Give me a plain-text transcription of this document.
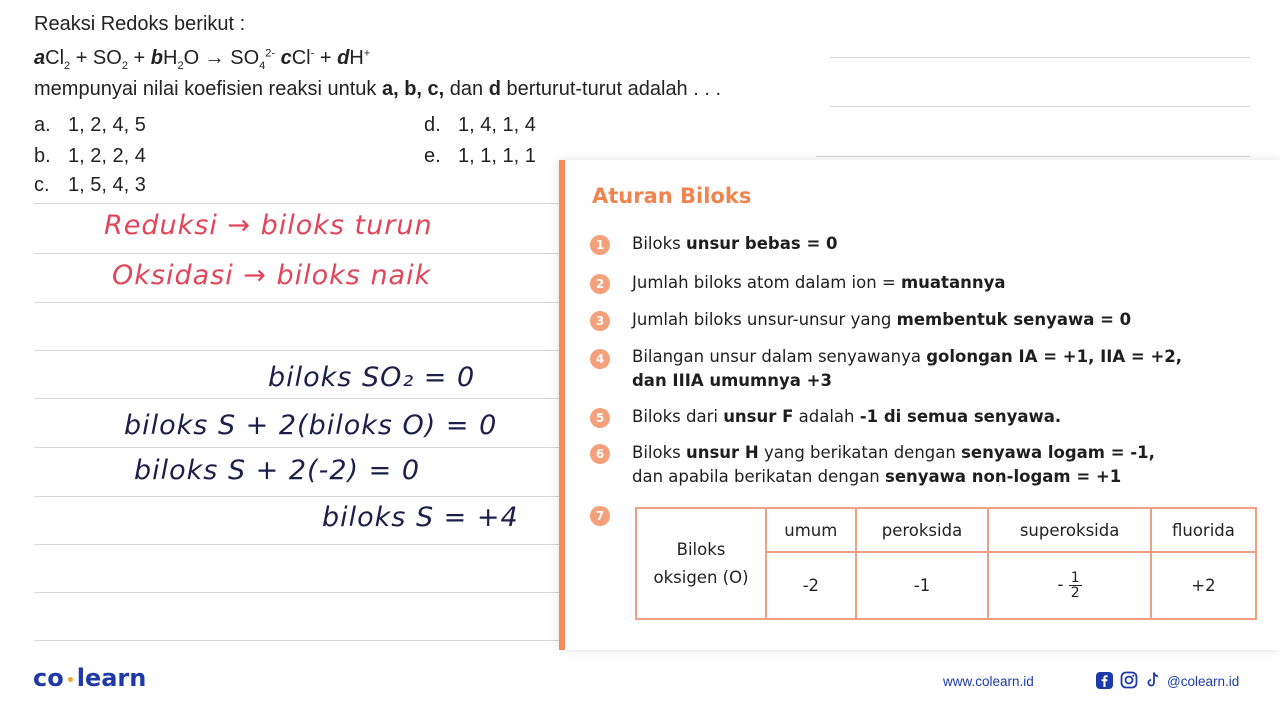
Reaksi Redoks berikut :
$aCl_2 + SO_2 + bH_2O \to SO_4^{2-}$ cCl- + dH+
mempunyai nilai koefisien reaksi untuk a, b, c, dan d berturut-turut adalah . . .
a. 1, 2, 4, 5
b. 1, 2, 2, 4
c. 1, 5, 4, 3
d. 1, 4, 1, 4
e. 1, 1, 1, 1
Reduksi → biloks turun
Oksidasi → biloks naik
biloks SO₂ = 0
biloks S + 2(biloks O) = 0
biloks S + 2(-2) = 0
biloks S = +4
Aturan Biloks
1	Biloks unsur bebas = 0
2	Jumlah biloks atom dalam ion = muatannya
3	Jumlah biloks unsur-unsur yang membentuk senyawa = 0
4	Bilangan unsur dalam senyawanya golongan IA = +1, IIA = +2,
dan IIIA umumnya +3
5	Biloks dari unsur F adalah -1 di semua senyawa.
6	Biloks unsur H yang berikatan dengan senyawa logam = -1,
dan apabila berikatan dengan senyawa non-logam = +1
7
Biloks
oksigen (O)	umum	peroksida	superoksida	fluorida
	-2	-1	- $\frac{1}{2}$	+2
co learn	www.colearn.id	@colearn.id
